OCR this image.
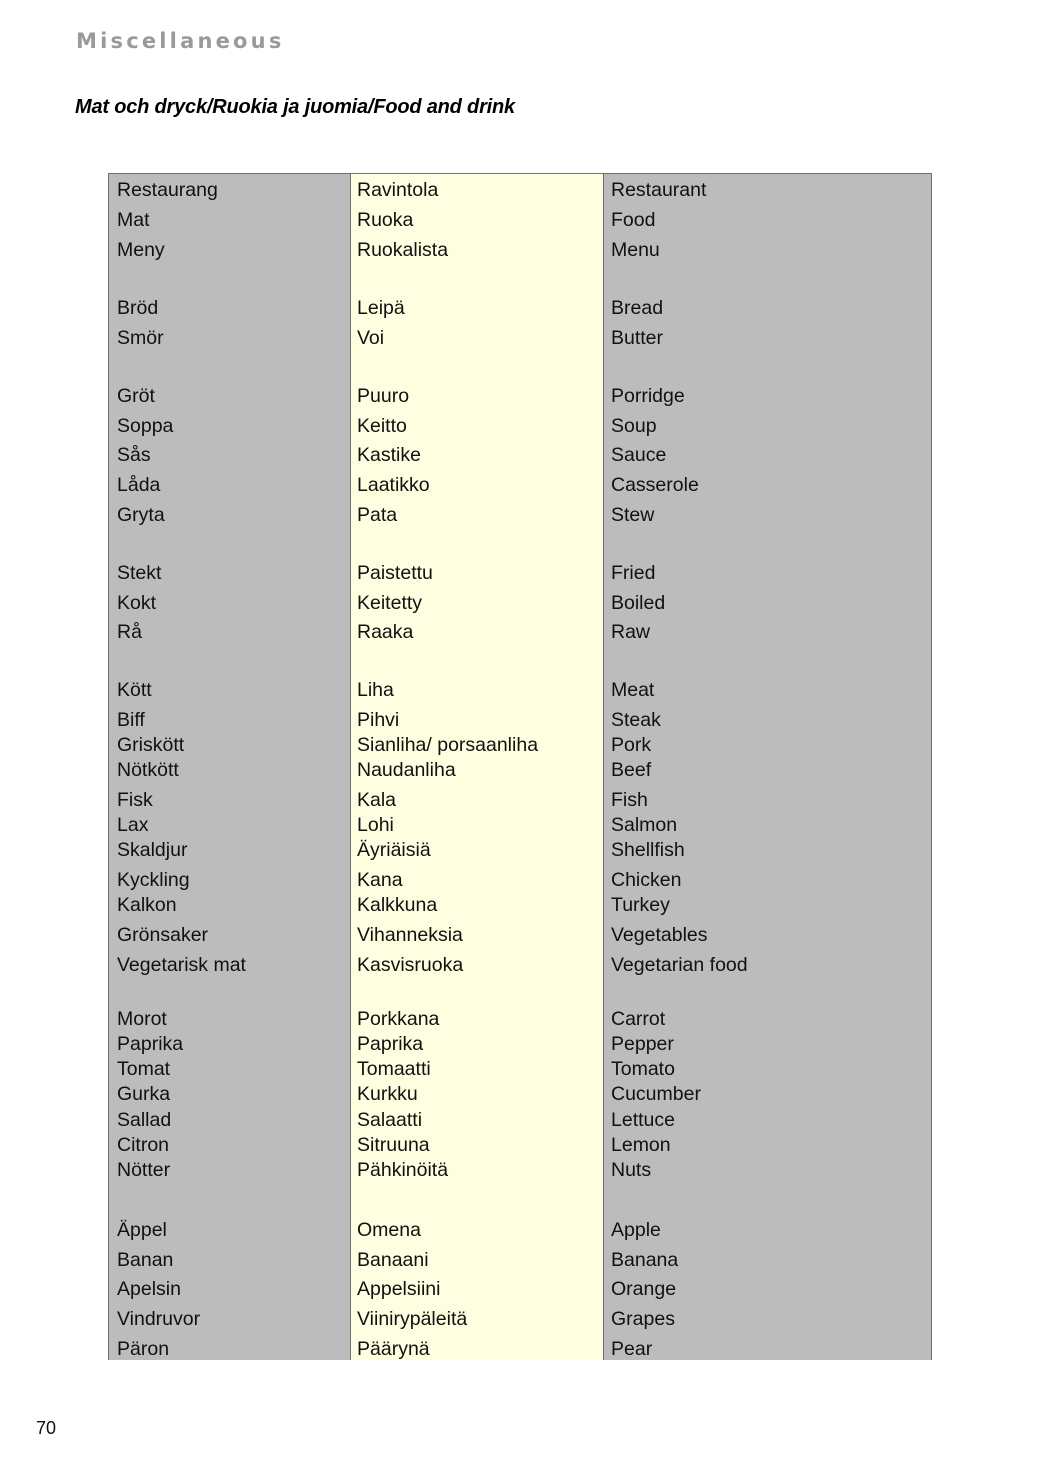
Miscellaneous
Mat och dryck/Ruokia ja juomia/Food and drink
Restaurang
Mat
Meny
Bröd
Smör
Gröt
Soppa
Sås
Låda
Gryta
Stekt
Kokt
Rå
Kött
Biff
Griskött
Nötkött
Fisk
Lax
Skaldjur
Kyckling
Kalkon
Grönsaker
Vegetarisk mat
Morot
Paprika
Tomat
Gurka
Sallad
Citron
Nötter
Äppel
Banan
Apelsin
Vindruvor
Päron
Ravintola
Ruoka
Ruokalista
Leipä
Voi
Puuro
Keitto
Kastike
Laatikko
Pata
Paistettu
Keitetty
Raaka
Liha
Pihvi
Sianliha/ porsaanliha
Naudanliha
Kala
Lohi
Äyriäisiä
Kana
Kalkkuna
Vihanneksia
Kasvisruoka
Porkkana
Paprika
Tomaatti
Kurkku
Salaatti
Sitruuna
Pähkinöitä
Omena
Banaani
Appelsiini
Viinirypäleitä
Päärynä
Restaurant
Food
Menu
Bread
Butter
Porridge
Soup
Sauce
Casserole
Stew
Fried
Boiled
Raw
Meat
Steak
Pork
Beef
Fish
Salmon
Shellfish
Chicken
Turkey
Vegetables
Vegetarian food
Carrot
Pepper
Tomato
Cucumber
Lettuce
Lemon
Nuts
Apple
Banana
Orange
Grapes
Pear
70
